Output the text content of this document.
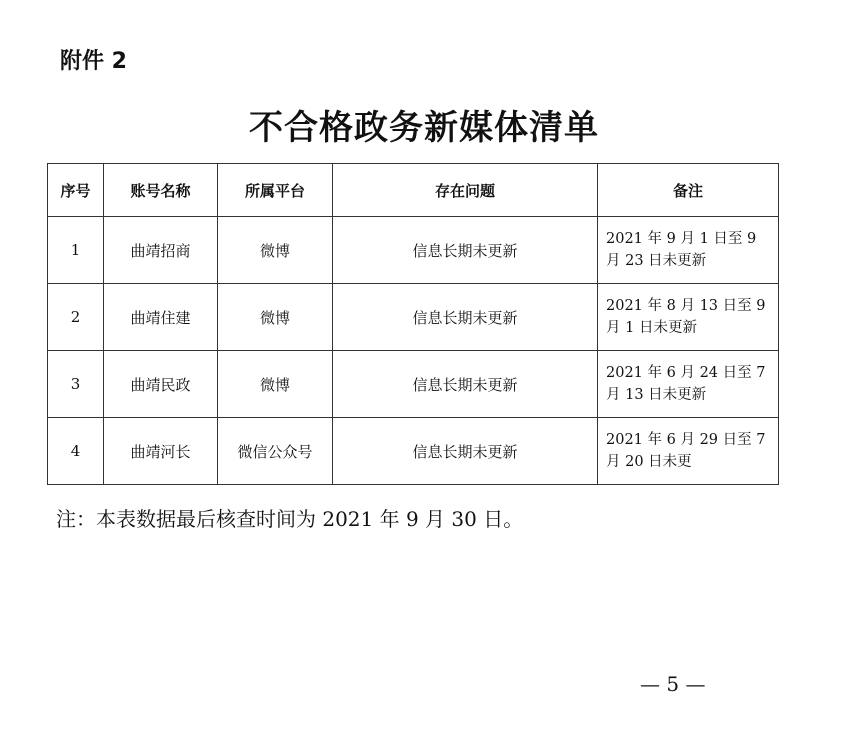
附件 2
不合格政务新媒体清单
序号	账号名称	所属平台	存在问题	备注
1	曲靖招商	微博	信息长期未更新	2021 年 9 月 1 日至 9
月 23 日未更新
2	曲靖住建	微博	信息长期未更新	2021 年 8 月 13 日至 9
月 1 日未更新
3	曲靖民政	微博	信息长期未更新	2021 年 6 月 24 日至 7
月 13 日未更新
4	曲靖河长	微信公众号	信息长期未更新	2021 年 6 月 29 日至 7
月 20 日未更
注：本表数据最后核查时间为 2021 年 9 月 30 日。
— 5 —
